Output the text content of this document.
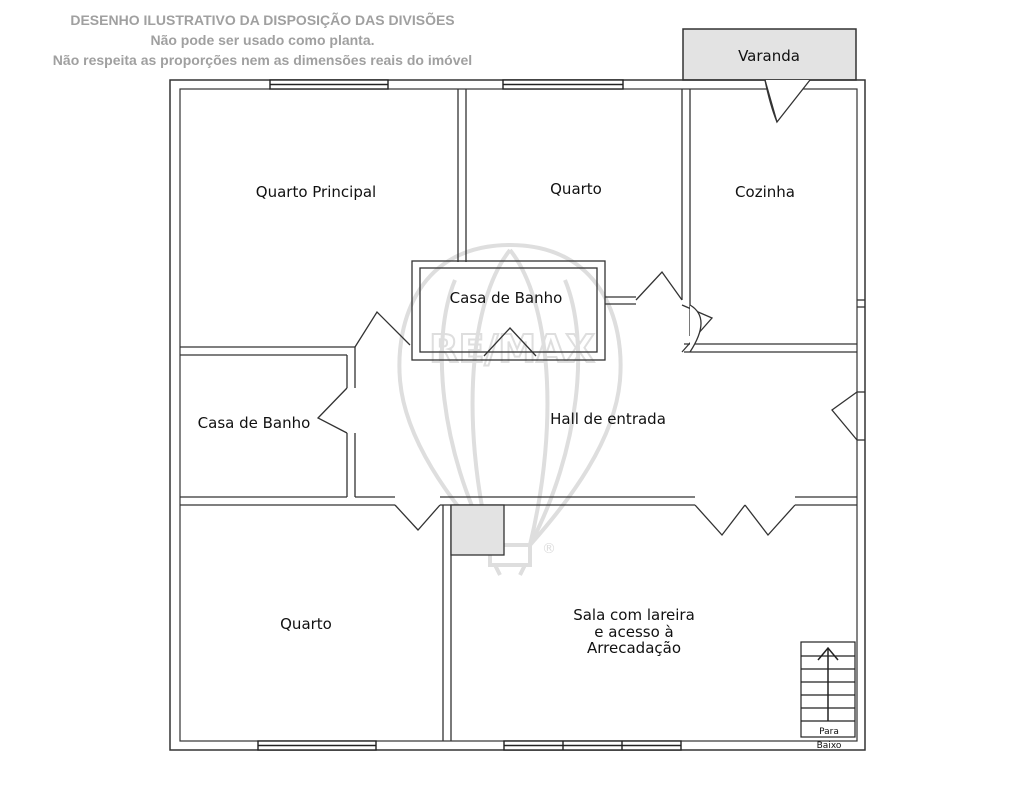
DESENHO ILUSTRATIVO DA DISPOSIÇÃO DAS DIVISÕES
Não pode ser usado como planta.
Não respeita as proporções nem as dimensões reais do imóvel
RE/MAX
®
Para
Baixo
Varanda
Quarto Principal	Quarto	Cozinha
Casa de Banho
Casa de Banho	Hall de entrada
Quarto	Sala com lareira
e acesso à
Arrecadação
